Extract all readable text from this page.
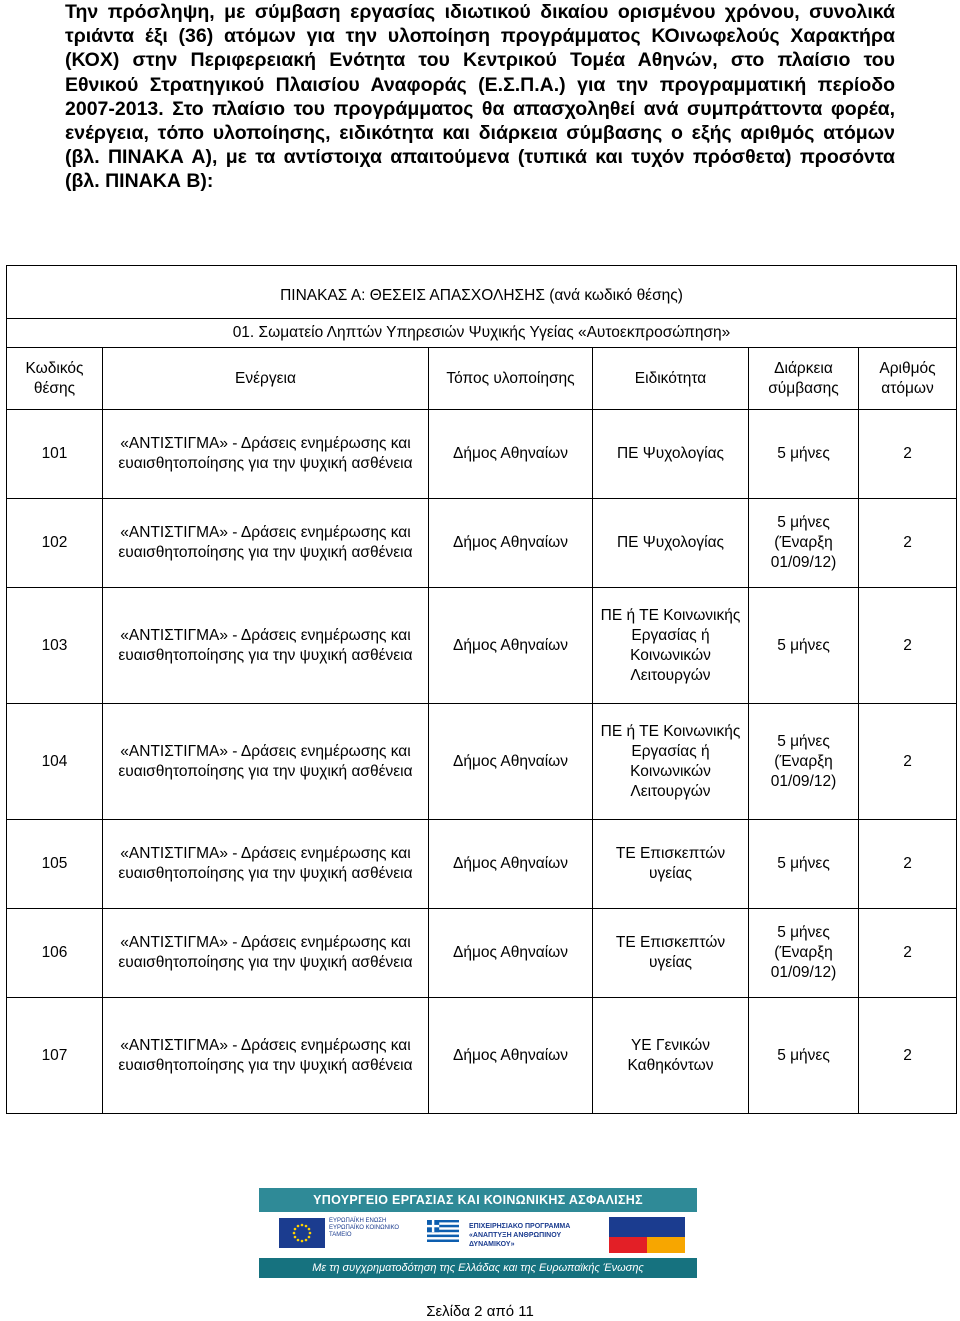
Την πρόσληψη, με σύμβαση εργασίας ιδιωτικού δικαίου ορισμένου χρόνου, συνολικά τριάντα έξι (36) ατόμων για την υλοποίηση προγράμματος ΚΟινωφελούς Χαρακτήρα (ΚΟΧ) στην Περιφερειακή Ενότητα του Κεντρικού Τομέα Αθηνών, στο πλαίσιο του Εθνικού Στρατηγικού Πλαισίου Αναφοράς (Ε.Σ.Π.Α.) για την προγραμματική περίοδο 2007-2013. Στο πλαίσιο του προγράμματος θα απασχοληθεί ανά συμπράττοντα φορέα, ενέργεια, τόπο υλοποίησης, ειδικότητα και διάρκεια σύμβασης ο εξής αριθμός ατόμων (βλ. ΠΙΝΑΚΑ Α), με τα αντίστοιχα απαιτούμενα (τυπικά και τυχόν πρόσθετα) προσόντα (βλ. ΠΙΝΑΚΑ Β):

ΠΙΝΑΚΑΣ Α: ΘΕΣΕΙΣ ΑΠΑΣΧΟΛΗΣΗΣ (ανά κωδικό θέσης)					
01. Σωματείο Ληπτών Υπηρεσιών Ψυχικής Υγείας «Αυτοεκπροσώπηση»					
Κωδικός θέσης	Ενέργεια	Τόπος υλοποίησης	Ειδικότητα	Διάρκεια σύμβασης	Αριθμός ατόμων
101	«ΑΝΤΙΣΤΙΓΜΑ» - Δράσεις ενημέρωσης και ευαισθητοποίησης για την ψυχική ασθένεια	Δήμος Αθηναίων	ΠΕ Ψυχολογίας	5 μήνες	2
102	«ΑΝΤΙΣΤΙΓΜΑ» - Δράσεις ενημέρωσης και ευαισθητοποίησης για την ψυχική ασθένεια	Δήμος Αθηναίων	ΠΕ Ψυχολογίας	5 μήνες (Έναρξη 01/09/12)	2
103	«ΑΝΤΙΣΤΙΓΜΑ» - Δράσεις ενημέρωσης και ευαισθητοποίησης για την ψυχική ασθένεια	Δήμος Αθηναίων	ΠΕ ή ΤΕ Κοινωνικής Εργασίας ή Κοινωνικών Λειτουργών	5 μήνες	2
104	«ΑΝΤΙΣΤΙΓΜΑ» - Δράσεις ενημέρωσης και ευαισθητοποίησης για την ψυχική ασθένεια	Δήμος Αθηναίων	ΠΕ ή ΤΕ Κοινωνικής Εργασίας ή Κοινωνικών Λειτουργών	5 μήνες (Έναρξη 01/09/12)	2
105	«ΑΝΤΙΣΤΙΓΜΑ» - Δράσεις ενημέρωσης και ευαισθητοποίησης για την ψυχική ασθένεια	Δήμος Αθηναίων	ΤΕ Επισκεπτών υγείας	5 μήνες	2
106	«ΑΝΤΙΣΤΙΓΜΑ» - Δράσεις ενημέρωσης και ευαισθητοποίησης για την ψυχική ασθένεια	Δήμος Αθηναίων	ΤΕ Επισκεπτών υγείας	5 μήνες (Έναρξη 01/09/12)	2
107	«ΑΝΤΙΣΤΙΓΜΑ» - Δράσεις ενημέρωσης και ευαισθητοποίησης για την ψυχική ασθένεια	Δήμος Αθηναίων	ΥΕ Γενικών Καθηκόντων	5 μήνες	2
ΥΠΟΥΡΓΕΙΟ ΕΡΓΑΣΙΑΣ ΚΑΙ ΚΟΙΝΩΝΙΚΗΣ ΑΣΦΑΛΙΣΗΣ
ΕΥΡΩΠΑΪΚΗ ΕΝΩΣΗ ΕΥΡΩΠΑΪΚΟ ΚΟΙΝΩΝΙΚΟ ΤΑΜΕΙΟ
ΕΠΙΧΕΙΡΗΣΙΑΚΟ ΠΡΟΓΡΑΜΜΑ «ΑΝΑΠΤΥΞΗ ΑΝΘΡΩΠΙΝΟΥ ΔΥΝΑΜΙΚΟΥ»
Με τη συγχρηματοδότηση της Ελλάδας και της Ευρωπαϊκής Ένωσης
Σελίδα 2 από 11
